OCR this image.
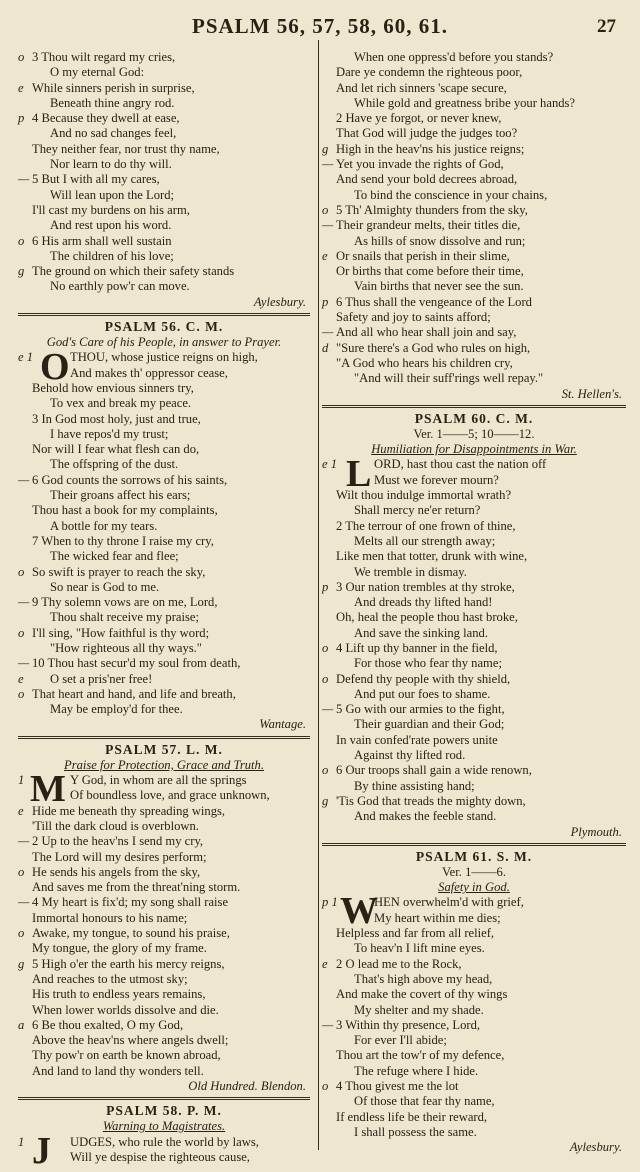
PSALM 56, 57, 58, 60, 61.	27
o 3 Thou wilt regard my cries,
O my eternal God:
e While sinners perish in surprise,
Beneath thine angry rod.
p 4 Because they dwell at ease,
And no sad changes feel,
They neither fear, nor trust thy name,
Nor learn to do thy will.
— 5 But I with all my cares,
Will lean upon the Lord;
I'll cast my burdens on his arm,
And rest upon his word.
o 6 His arm shall well sustain
The children of his love;
g The ground on which their safety stands
No earthly pow'r can move.
Aylesbury.
PSALM 56. C. M.
God's Care of his People, in answer to Prayer.
O
e 1	THOU, whose justice reigns on high,
And makes th' oppressor cease,
Behold how envious sinners try,
To vex and break my peace.
3 In God most holy, just and true,
I have repos'd my trust;
Nor will I fear what flesh can do,
The offspring of the dust.
— 6 God counts the sorrows of his saints,
Their groans affect his ears;
Thou hast a book for my complaints,
A bottle for my tears.
7 When to thy throne I raise my cry,
The wicked fear and flee;
o So swift is prayer to reach the sky,
So near is God to me.
— 9 Thy solemn vows are on me, Lord,
Thou shalt receive my praise;
o I'll sing, "How faithful is thy word;
"How righteous all thy ways."
— 10 Thou hast secur'd my soul from death,
e	O set a pris'ner free!
o That heart and hand, and life and breath,
May be employ'd for thee.
Wantage.
PSALM 57. L. M.
Praise for Protection, Grace and Truth.
M
1	Y God, in whom are all the springs
Of boundless love, and grace unknown,
e Hide me beneath thy spreading wings,
'Till the dark cloud is overblown.
— 2 Up to the heav'ns I send my cry,
The Lord will my desires perform;
o He sends his angels from the sky,
And saves me from the threat'ning storm.
— 4 My heart is fix'd; my song shall raise
Immortal honours to his name;
o Awake, my tongue, to sound his praise,
My tongue, the glory of my frame.
g 5 High o'er the earth his mercy reigns,
And reaches to the utmost sky;
His truth to endless years remains,
When lower worlds dissolve and die.
a 6 Be thou exalted, O my God,
Above the heav'ns where angels dwell;
Thy pow'r on earth be known abroad,
And land to land thy wonders tell.
Old Hundred. Blendon.
PSALM 58. P. M.
Warning to Magistrates.
J
1	UDGES, who rule the world by laws,
Will ye despise the righteous cause,
When one oppress'd before you stands?
Dare ye condemn the righteous poor,
And let rich sinners 'scape secure,
While gold and greatness bribe your hands?
2 Have ye forgot, or never knew,
That God will judge the judges too?
g High in the heav'ns his justice reigns;
— Yet you invade the rights of God,
And send your bold decrees abroad,
To bind the conscience in your chains,
o 5 Th' Almighty thunders from the sky,
— Their grandeur melts, their titles die,
As hills of snow dissolve and run;
e Or snails that perish in their slime,
Or births that come before their time,
Vain births that never see the sun.
p 6 Thus shall the vengeance of the Lord
Safety and joy to saints afford;
— And all who hear shall join and say,
d "Sure there's a God who rules on high,
"A God who hears his children cry,
"And will their suff'rings well repay."
St. Hellen's.
PSALM 60. C. M.
Ver. 1——5; 10——12.
Humiliation for Disappointments in War.
L
e 1	ORD, hast thou cast the nation off
Must we forever mourn?
Wilt thou indulge immortal wrath?
Shall mercy ne'er return?
2 The terrour of one frown of thine,
Melts all our strength away;
Like men that totter, drunk with wine,
We tremble in dismay.
p 3 Our nation trembles at thy stroke,
And dreads thy lifted hand!
Oh, heal the people thou hast broke,
And save the sinking land.
o 4 Lift up thy banner in the field,
For those who fear thy name;
o Defend thy people with thy shield,
And put our foes to shame.
— 5 Go with our armies to the fight,
Their guardian and their God;
In vain confed'rate powers unite
Against thy lifted rod.
o 6 Our troops shall gain a wide renown,
By thine assisting hand;
g 'Tis God that treads the mighty down,
And makes the feeble stand.
Plymouth.
PSALM 61. S. M.
Ver. 1——6.
Safety in God.
W
p 1	HEN overwhelm'd with grief,
My heart within me dies;
Helpless and far from all relief,
To heav'n I lift mine eyes.
e 2 O lead me to the Rock,
That's high above my head,
And make the covert of thy wings
My shelter and my shade.
— 3 Within thy presence, Lord,
For ever I'll abide;
Thou art the tow'r of my defence,
The refuge where I hide.
o 4 Thou givest me the lot
Of those that fear thy name,
If endless life be their reward,
I shall possess the same.
Aylesbury.
